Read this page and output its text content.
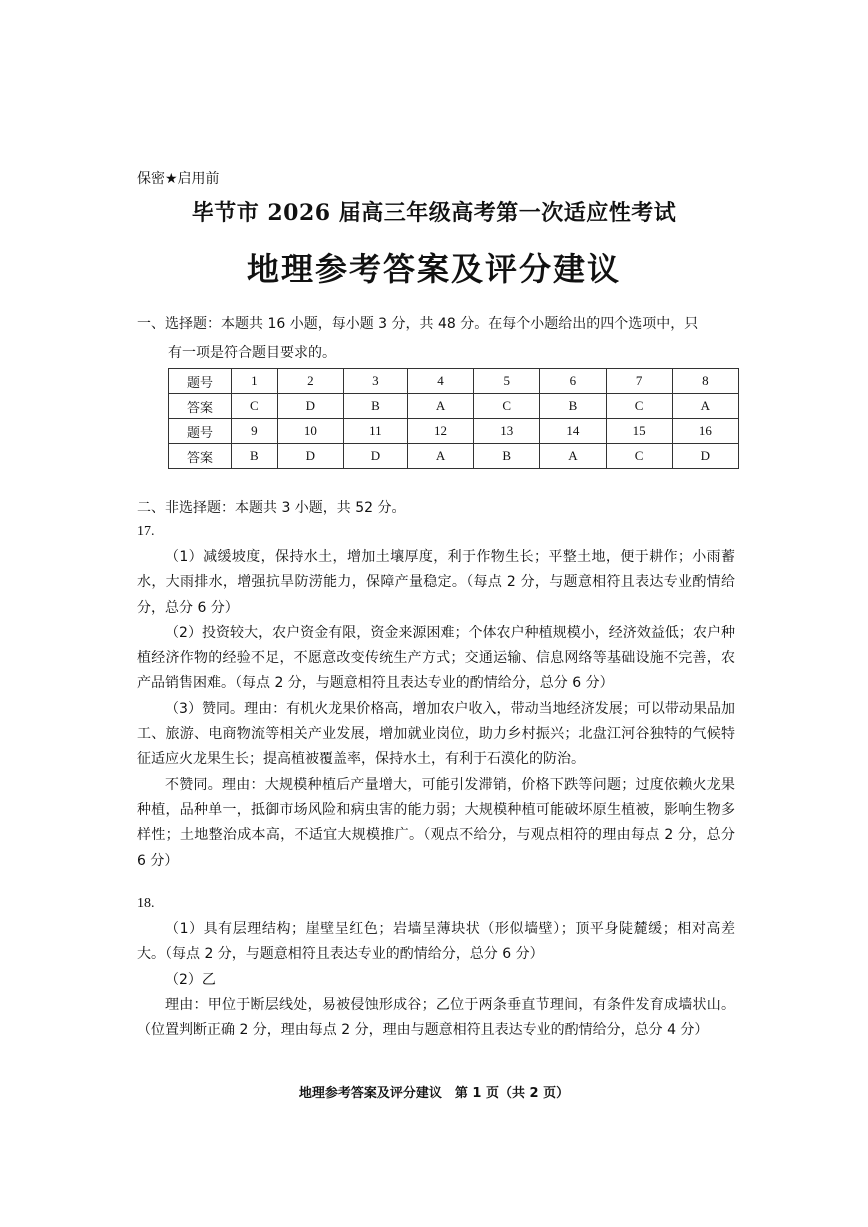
保密★启用前
毕节市 2026 届高三年级高考第一次适应性考试
地理参考答案及评分建议
一、选择题：本题共 16 小题，每小题 3 分，共 48 分。在每个小题给出的四个选项中，只
有一项是符合题目要求的。
题号	1	2	3	4	5	6	7	8
答案	C	D	B	A	C	B	C	A
题号	9	10	11	12	13	14	15	16
答案	B	D	D	A	B	A	C	D
二、非选择题：本题共 3 小题，共 52 分。
17.

（1）减缓坡度，保持水土，增加土壤厚度，利于作物生长；平整土地，便于耕作；小雨蓄水，大雨排水，增强抗旱防涝能力，保障产量稳定。（每点 2 分，与题意相符且表达专业酌情给分，总分 6 分）

（2）投资较大，农户资金有限，资金来源困难；个体农户种植规模小，经济效益低；农户种植经济作物的经验不足，不愿意改变传统生产方式；交通运输、信息网络等基础设施不完善，农产品销售困难。（每点 2 分，与题意相符且表达专业的酌情给分，总分 6 分）

（3）赞同。理由：有机火龙果价格高，增加农户收入，带动当地经济发展；可以带动果品加工、旅游、电商物流等相关产业发展，增加就业岗位，助力乡村振兴；北盘江河谷独特的气候特征适应火龙果生长；提高植被覆盖率，保持水土，有利于石漠化的防治。

不赞同。理由：大规模种植后产量增大，可能引发滞销，价格下跌等问题；过度依赖火龙果种植，品种单一，抵御市场风险和病虫害的能力弱；大规模种植可能破坏原生植被，影响生物多样性；土地整治成本高，不适宜大规模推广。（观点不给分，与观点相符的理由每点 2 分，总分 6 分）

18.

（1）具有层理结构；崖壁呈红色；岩墙呈薄块状（形似墙壁）；顶平身陡麓缓；相对高差大。（每点 2 分，与题意相符且表达专业的酌情给分，总分 6 分）

（2）乙

理由：甲位于断层线处，易被侵蚀形成谷；乙位于两条垂直节理间，有条件发育成墙状山。（位置判断正确 2 分，理由每点 2 分，理由与题意相符且表达专业的酌情给分，总分 4 分）

地理参考答案及评分建议　第 1 页（共 2 页）
